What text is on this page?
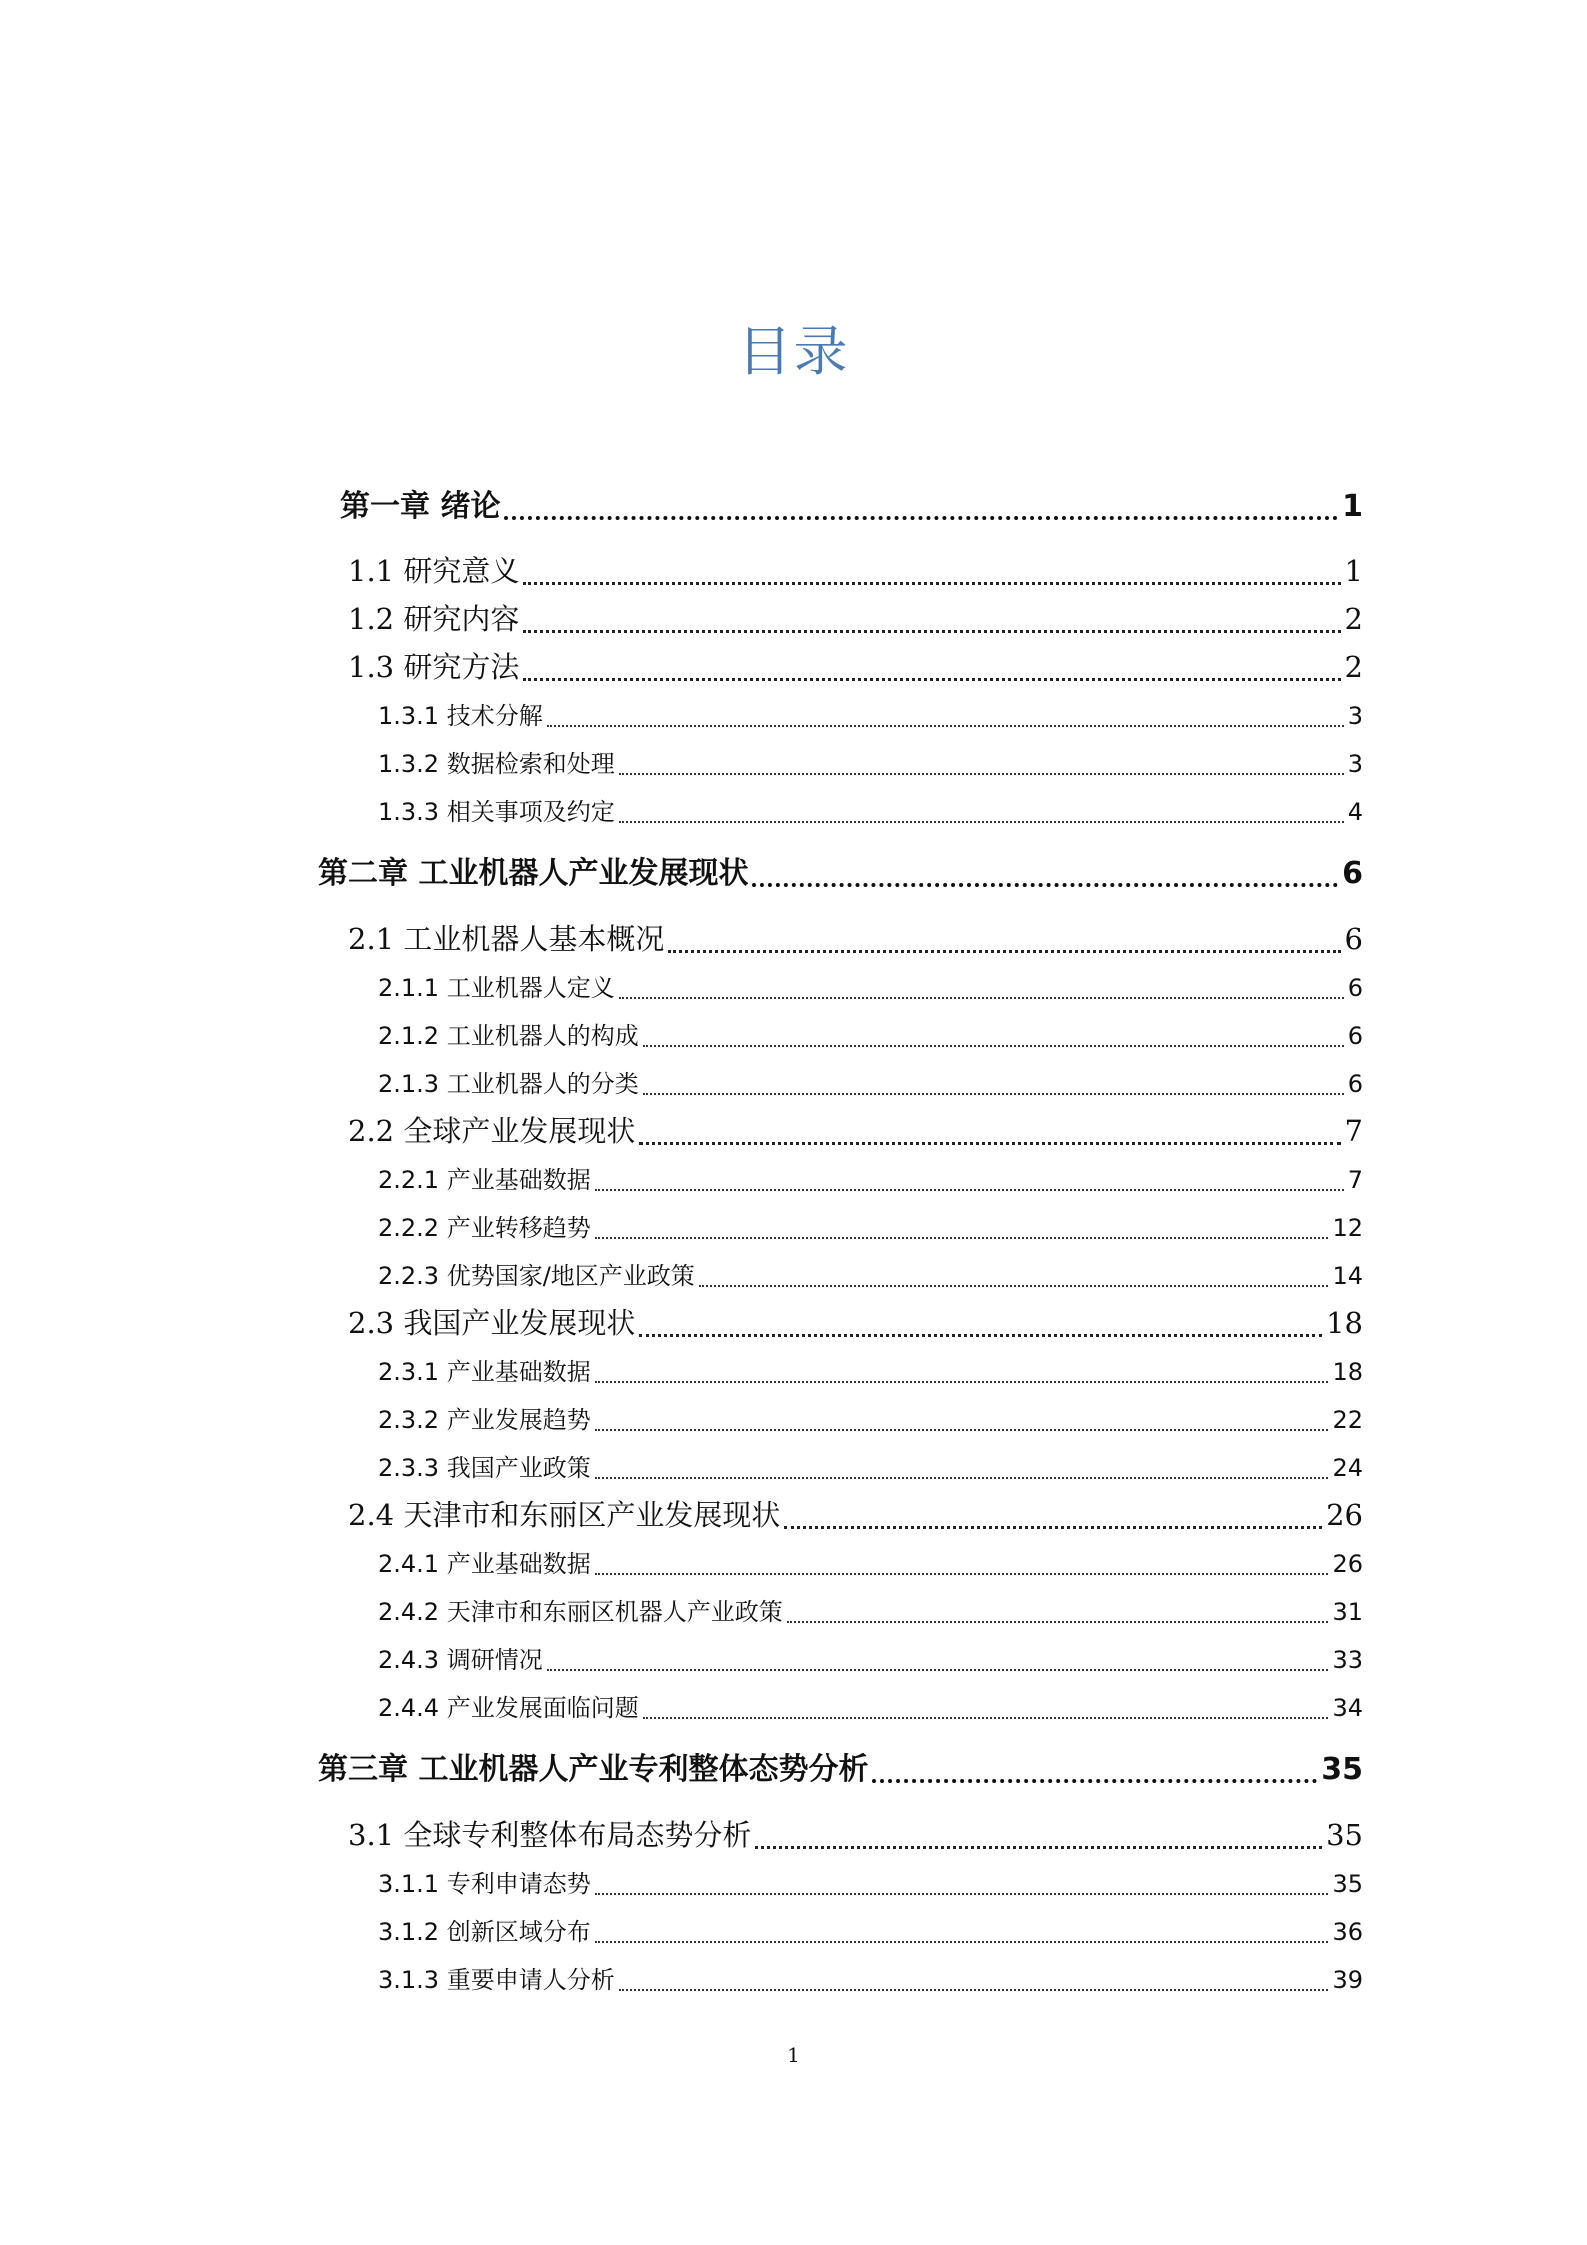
目录
第一章 绪论	1
1.1 研究意义	1
1.2 研究内容	2
1.3 研究方法	2
1.3.1 技术分解	3
1.3.2 数据检索和处理	3
1.3.3 相关事项及约定	4
第二章 工业机器人产业发展现状	6
2.1 工业机器人基本概况	6
2.1.1 工业机器人定义	6
2.1.2 工业机器人的构成	6
2.1.3 工业机器人的分类	6
2.2 全球产业发展现状	7
2.2.1 产业基础数据	7
2.2.2 产业转移趋势	12
2.2.3 优势国家/地区产业政策	14
2.3 我国产业发展现状	18
2.3.1 产业基础数据	18
2.3.2 产业发展趋势	22
2.3.3 我国产业政策	24
2.4 天津市和东丽区产业发展现状	26
2.4.1 产业基础数据	26
2.4.2 天津市和东丽区机器人产业政策	31
2.4.3 调研情况	33
2.4.4 产业发展面临问题	34
第三章 工业机器人产业专利整体态势分析	35
3.1 全球专利整体布局态势分析	35
3.1.1 专利申请态势	35
3.1.2 创新区域分布	36
3.1.3 重要申请人分析	39
1
